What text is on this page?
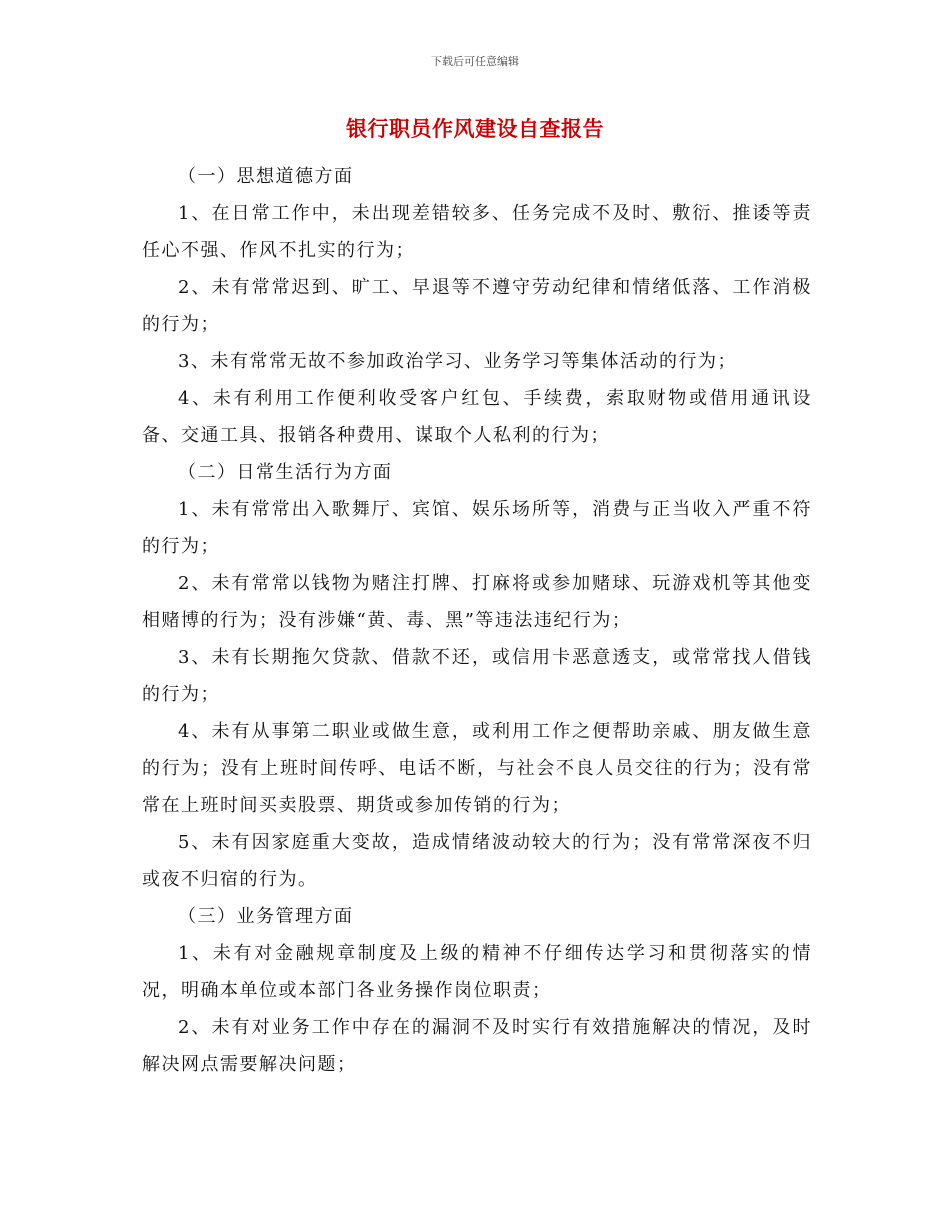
下载后可任意编辑
银行职员作风建设自查报告

（一）思想道德方面

1、在日常工作中，未出现差错较多、任务完成不及时、敷衍、推诿等责任心不强、作风不扎实的行为；

2、未有常常迟到、旷工、早退等不遵守劳动纪律和情绪低落、工作消极的行为；

3、未有常常无故不参加政治学习、业务学习等集体活动的行为；

4、未有利用工作便利收受客户红包、手续费，索取财物或借用通讯设备、交通工具、报销各种费用、谋取个人私利的行为；

（二）日常生活行为方面

1、未有常常出入歌舞厅、宾馆、娱乐场所等，消费与正当收入严重不符的行为；

2、未有常常以钱物为赌注打牌、打麻将或参加赌球、玩游戏机等其他变相赌博的行为；没有涉嫌“黄、毒、黑”等违法违纪行为；

3、未有长期拖欠贷款、借款不还，或信用卡恶意透支，或常常找人借钱的行为；

4、未有从事第二职业或做生意，或利用工作之便帮助亲戚、朋友做生意的行为；没有上班时间传呼、电话不断，与社会不良人员交往的行为；没有常常在上班时间买卖股票、期货或参加传销的行为；

5、未有因家庭重大变故，造成情绪波动较大的行为；没有常常深夜不归或夜不归宿的行为。

（三）业务管理方面

1、未有对金融规章制度及上级的精神不仔细传达学习和贯彻落实的情况，明确本单位或本部门各业务操作岗位职责；

2、未有对业务工作中存在的漏洞不及时实行有效措施解决的情况，及时解决网点需要解决问题；
